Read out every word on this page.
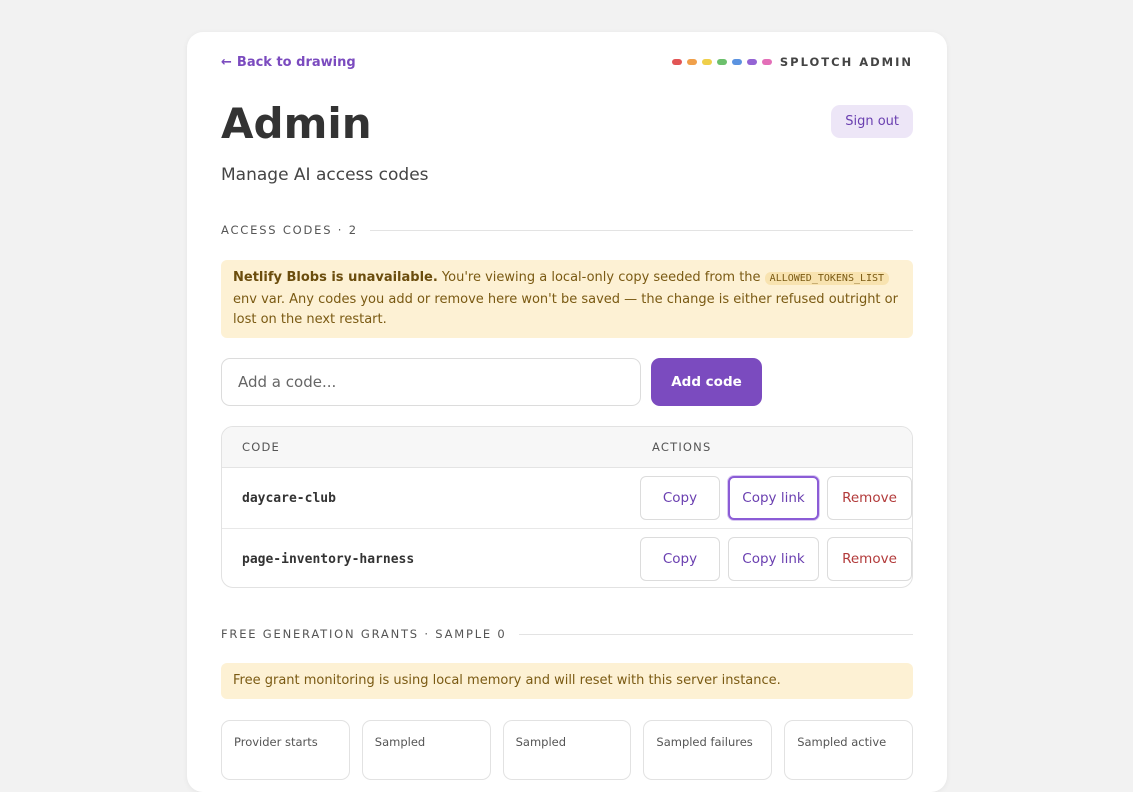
← Back to drawing	SPLOTCH ADMIN
Admin	Sign out
Manage AI access codes
ACCESS CODES · 2
Netlify Blobs is unavailable. You're viewing a local-only copy seeded from the ALLOWED_TOKENS_LIST env var. Any codes you add or remove here won't be saved — the change is either refused outright or lost on the next restart.
Add a code...
Add code
CODE	ACTIONS
daycare-club	Copy	Copy link	Remove
page-inventory-harness	Copy	Copy link	Remove
FREE GENERATION GRANTS · SAMPLE 0
Free grant monitoring is using local memory and will reset with this server instance.
Provider starts	Sampled	Sampled	Sampled failures	Sampled active
